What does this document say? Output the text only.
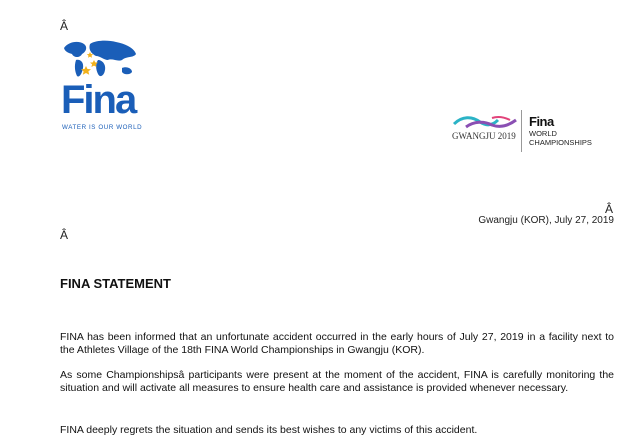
Â
Fina
WATER IS OUR WORLD
GWANGJU 2019
Fina
WORLD
CHAMPIONSHIPS
Â
Gwangju (KOR), July 27, 2019
Â
FINA STATEMENT
FINA has been informed that an unfortunate accident occurred in the early hours of July 27, 2019 in a facility next to the Athletes Village of the 18th FINA World Championships in Gwangju (KOR).
As some Championshipsâ participants were present at the moment of the accident, FINA is carefully monitoring the situation and will activate all measures to ensure health care and assistance is provided whenever necessary.
FINA deeply regrets the situation and sends its best wishes to any victims of this accident.
